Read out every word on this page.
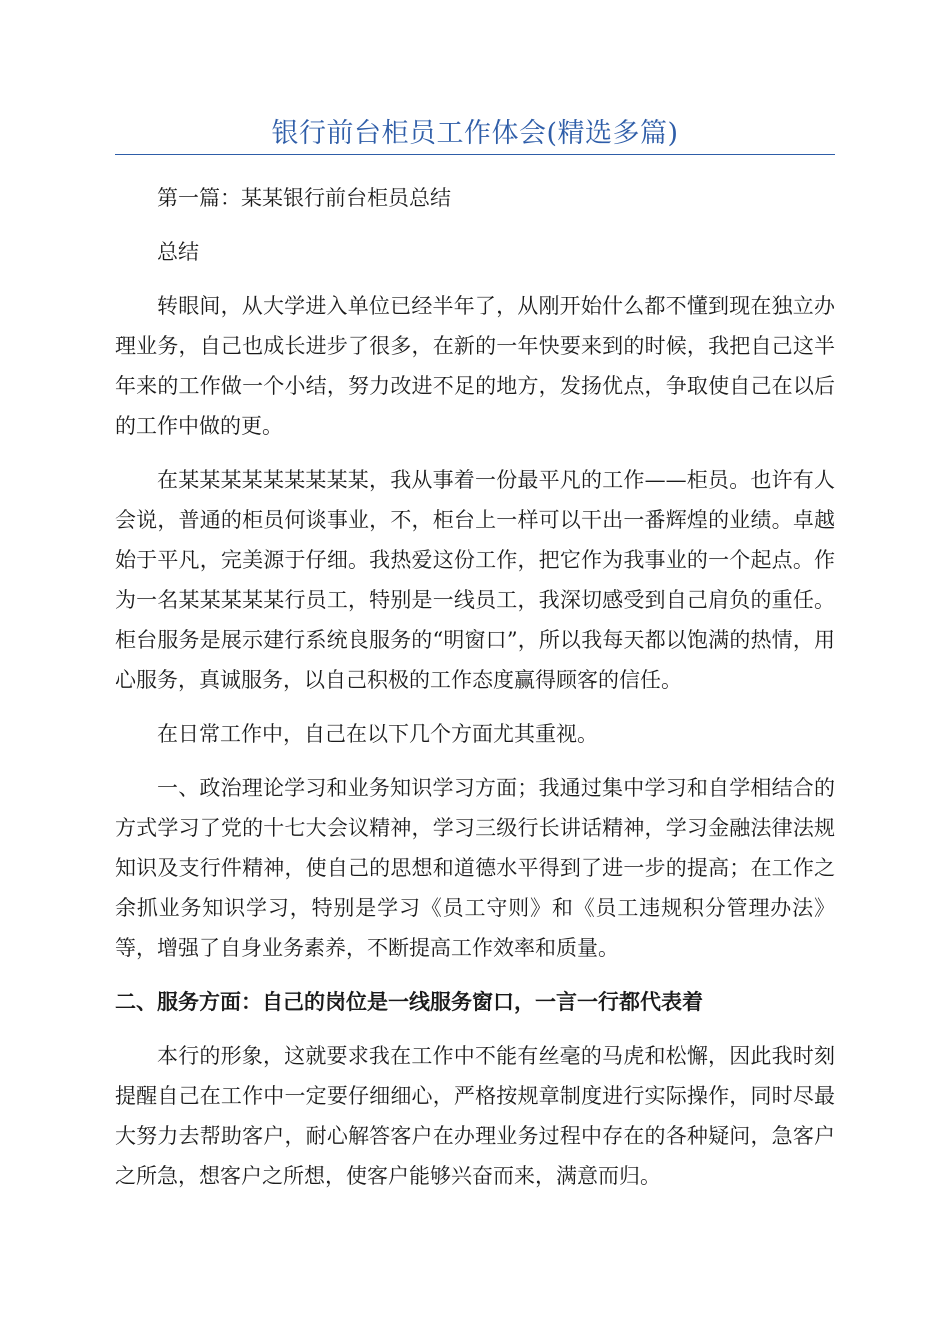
银行前台柜员工作体会(精选多篇)

第一篇：某某银行前台柜员总结

总结

转眼间，从大学进入单位已经半年了，从刚开始什么都不懂到现在独立办理业务，自己也成长进步了很多，在新的一年快要来到的时候，我把自己这半年来的工作做一个小结，努力改进不足的地方，发扬优点，争取使自己在以后的工作中做的更。

在某某某某某某某某某，我从事着一份最平凡的工作——柜员。也许有人会说，普通的柜员何谈事业，不，柜台上一样可以干出一番辉煌的业绩。卓越始于平凡，完美源于仔细。我热爱这份工作，把它作为我事业的一个起点。作为一名某某某某某行员工，特别是一线员工，我深切感受到自己肩负的重任。柜台服务是展示建行系统良服务的“明窗口”，所以我每天都以饱满的热情，用心服务，真诚服务，以自己积极的工作态度赢得顾客的信任。

在日常工作中，自己在以下几个方面尤其重视。

一、政治理论学习和业务知识学习方面；我通过集中学习和自学相结合的方式学习了党的十七大会议精神，学习三级行长讲话精神，学习金融法律法规知识及支行件精神，使自己的思想和道德水平得到了进一步的提高；在工作之余抓业务知识学习，特别是学习《员工守则》和《员工违规积分管理办法》等，增强了自身业务素养，不断提高工作效率和质量。

二、服务方面：自己的岗位是一线服务窗口，一言一行都代表着

本行的形象，这就要求我在工作中不能有丝毫的马虎和松懈，因此我时刻提醒自己在工作中一定要仔细细心，严格按规章制度进行实际操作，同时尽最大努力去帮助客户，耐心解答客户在办理业务过程中存在的各种疑问，急客户之所急，想客户之所想，使客户能够兴奋而来，满意而归。
